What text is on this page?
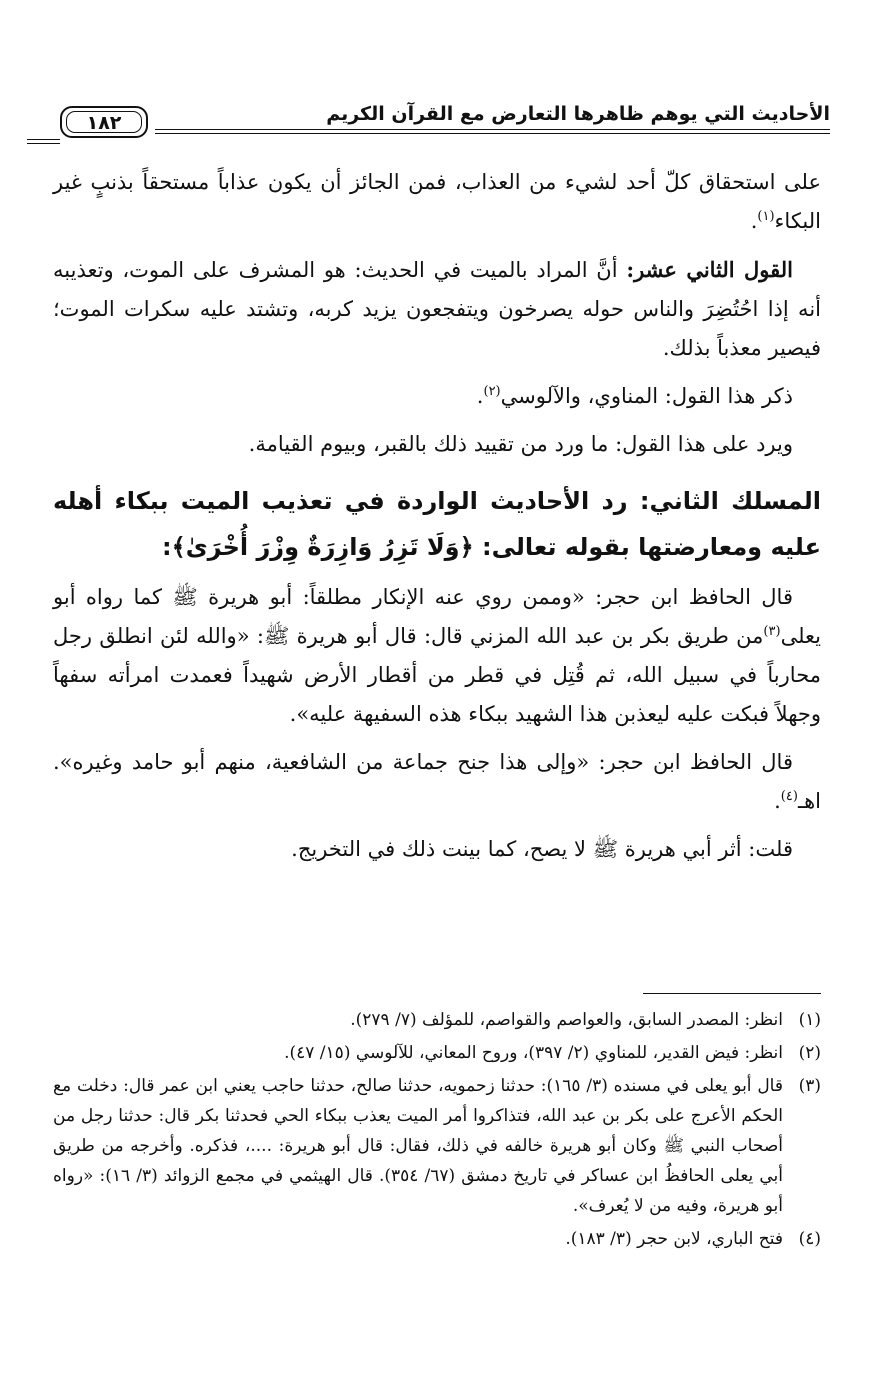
الأحاديث التي يوهم ظاهرها التعارض مع القرآن الكريم
١٨٢

على استحقاق كلّ أحد لشيء من العذاب، فمن الجائز أن يكون عذاباً مستحقاً بذنبٍ غير البكاء$^{(١)}$.

القول الثاني عشر: أنَّ المراد بالميت في الحديث: هو المشرف على الموت، وتعذيبه أنه إذا احُتُضِرَ والناس حوله يصرخون ويتفجعون يزيد كربه، وتشتد عليه سكرات الموت؛ فيصير معذباً بذلك.

ذكر هذا القول: المناوي، والآلوسي$^{(٢)}$.

ويرد على هذا القول: ما ورد من تقييد ذلك بالقبر، وبيوم القيامة.

المسلك الثاني: رد الأحاديث الواردة في تعذيب الميت ببكاء أهله عليه ومعارضتها بقوله تعالى: ﴿وَلَا تَزِرُ وَازِرَةٌ وِزْرَ أُخْرَىٰ﴾:

قال الحافظ ابن حجر: «وممن روي عنه الإنكار مطلقاً: أبو هريرة ﷺ كما رواه أبو يعلى$^{(٣)}$من طريق بكر بن عبد الله المزني قال: قال أبو هريرة ﷺ: «والله لئن انطلق رجل محارباً في سبيل الله، ثم قُتِل في قطر من أقطار الأرض شهيداً فعمدت امرأته سفهاً وجهلاً فبكت عليه ليعذبن هذا الشهيد ببكاء هذه السفيهة عليه».

قال الحافظ ابن حجر: «وإلى هذا جنح جماعة من الشافعية، منهم أبو حامد وغيره». اهـ$^{(٤)}$.

قلت: أثر أبي هريرة ﷺ لا يصح، كما بينت ذلك في التخريج.

(١)
انظر: المصدر السابق، والعواصم والقواصم، للمؤلف (٧/ ٢٧٩).
(٢)
انظر: فيض القدير، للمناوي (٢/ ٣٩٧)، وروح المعاني، للآلوسي (١٥/ ٤٧).
(٣)
قال أبو يعلى في مسنده (٣/ ١٦٥): حدثنا زحمويه، حدثنا صالح، حدثنا حاجب يعني ابن عمر قال: دخلت مع الحكم الأعرج على بكر بن عبد الله، فتذاكروا أمر الميت يعذب ببكاء الحي فحدثنا بكر قال: حدثنا رجل من أصحاب النبي ﷺ وكان أبو هريرة خالفه في ذلك، فقال: قال أبو هريرة: ....، فذكره. وأخرجه من طريق أبي يعلى الحافظُ ابن عساكر في تاريخ دمشق (٦٧/ ٣٥٤). قال الهيثمي في مجمع الزوائد (٣/ ١٦): «رواه أبو هريرة، وفيه من لا يُعرف».
(٤)
فتح الباري، لابن حجر (٣/ ١٨٣).
